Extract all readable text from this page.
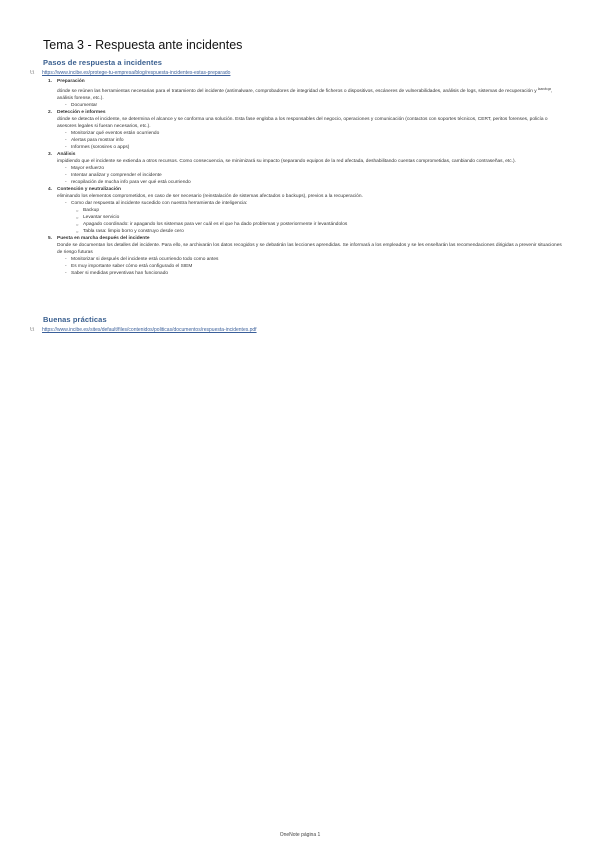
Tema 3 - Respuesta ante incidentes
Pasos de respuesta a incidentes
\:\ https://www.incibe.es/protege-tu-empresa/blog/respuesta-incidentes-estas-preparado
1. Preparación
dónde se reúnen las herramientas necesarias para el tratamiento del incidente (antimalware, comprobadores de integridad de ficheros o dispositivos, escáneres de vulnerabilidades, análisis de logs, sistemas de recuperación y $^{backup}$, análisis forense, etc.).
- Documentar
2. Detección e informes
dónde se detecta el incidente, se determina el alcance y se conforma una solución. Esta fase engloba a los responsables del negocio, operaciones y comunicación (contactos con soportes técnicos, CERT, peritos forenses, policía o asesores legales si fueran necesarios, etc.).
- Monitorizar qué eventos están ocurriendo
- Alertas para mostrar info
- Informes (sorosires o apps)
3. Análisis
impidiendo que el incidente se extienda a otros recursos. Como consecuencia, se minimizará su impacto (separando equipos de la red afectada, deshabilitando cuentas comprometidas, cambiando contraseñas, etc.).
- Mayor esfuerzo
- Intentar analizar y comprender el incidente
- recopilación de mucha info para ver qué está ocurriendo
4. Contención y neutralización
eliminando los elementos comprometidos, en caso de ser necesario (reinstalación de sistemas afectados o backups), previos a la recuperación.
- Como dar respuesta al incidente sucedido con nuestra herramienta de inteligencia:
○ Backup
○ Levantar servicio
○ Apagado coordinado: ir apagando los sistemas para ver cuál es el que ha dado problemas y posteriormente ir levantándolos
○ Tabla rasa: limpio borro y construyo desde cero
5. Puesta en marcha después del incidente
Donde se documentan los detalles del incidente. Para ello, se archivarán los datos recogidos y se debatirán las lecciones aprendidas. Se informará a los empleados y se les enseñarán las recomendaciones dirigidas a prevenir situaciones de riesgo futuras
- Monitorizar si después del incidente está ocurriendo todo como antes
- Es muy importante saber cómo está configurado el SIEM
- Saber si medidas preventivas han funcionado
Buenas prácticas
\:\ https://www.incibe.es/sites/default/files/contenidos/politicas/documentos/respuesta-incidentes.pdf
OneNote página 1
